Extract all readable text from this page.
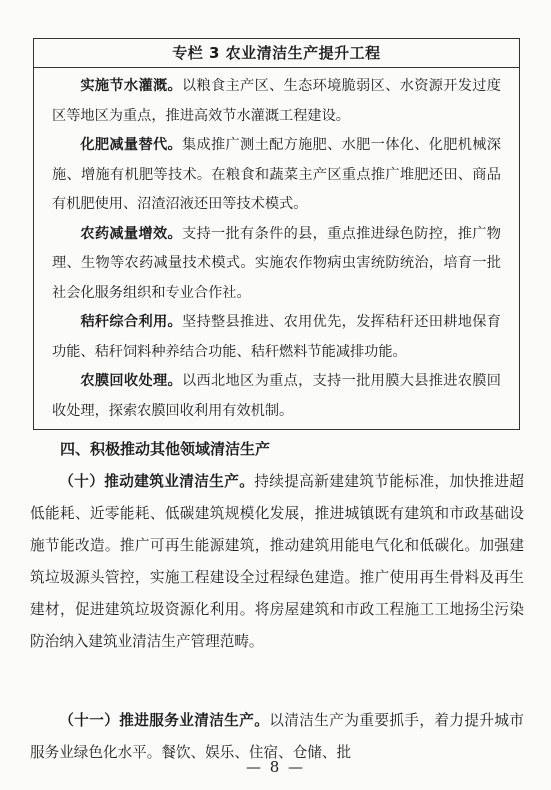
专栏 3 农业清洁生产提升工程

实施节水灌溉。以粮食主产区、生态环境脆弱区、水资源开发过度区等地区为重点，推进高效节水灌溉工程建设。

化肥减量替代。集成推广测土配方施肥、水肥一体化、化肥机械深施、增施有机肥等技术。在粮食和蔬菜主产区重点推广堆肥还田、商品有机肥使用、沼渣沼液还田等技术模式。

农药减量增效。支持一批有条件的县，重点推进绿色防控，推广物理、生物等农药减量技术模式。实施农作物病虫害统防统治，培育一批社会化服务组织和专业合作社。

秸秆综合利用。坚持整县推进、农用优先，发挥秸秆还田耕地保育功能、秸秆饲料种养结合功能、秸秆燃料节能减排功能。

农膜回收处理。以西北地区为重点，支持一批用膜大县推进农膜回收处理，探索农膜回收利用有效机制。

四、积极推动其他领域清洁生产

（十）推动建筑业清洁生产。持续提高新建建筑节能标准，加快推进超低能耗、近零能耗、低碳建筑规模化发展，推进城镇既有建筑和市政基础设施节能改造。推广可再生能源建筑，推动建筑用能电气化和低碳化。加强建筑垃圾源头管控，实施工程建设全过程绿色建造。推广使用再生骨料及再生建材，促进建筑垃圾资源化利用。将房屋建筑和市政工程施工工地扬尘污染防治纳入建筑业清洁生产管理范畴。

（十一）推进服务业清洁生产。以清洁生产为重要抓手，着力提升城市服务业绿色化水平。餐饮、娱乐、住宿、仓储、批

— 8 —
